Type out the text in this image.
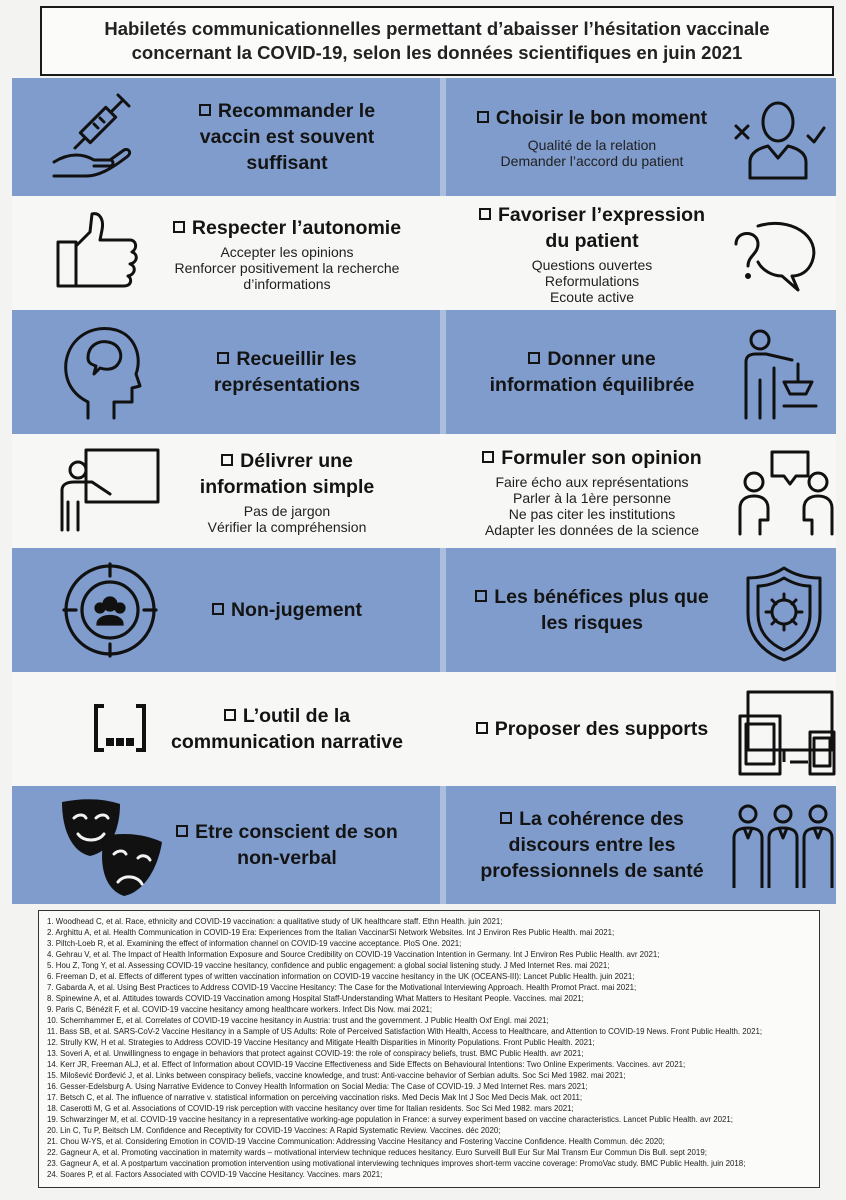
Habiletés communicationnelles permettant d’abaisser l’hésitation vaccinale
concernant la COVID-19, selon les données scientifiques en juin 2021
Recommander le
vaccin est souvent
suffisant
Choisir le bon moment
Qualité de la relation
Demander l’accord du patient
Respecter l’autonomie
Accepter les opinions
Renforcer positivement la recherche
d’informations
Favoriser l’expression
du patient
Questions ouvertes
Reformulations
Ecoute active
Recueillir les
représentations
Donner une
information équilibrée
Délivrer une
information simple
Pas de jargon
Vérifier la compréhension
Formuler son opinion
Faire écho aux représentations
Parler à la 1ère personne
Ne pas citer les institutions
Adapter les données de la science
Non-jugement
Les bénéfices plus que
les risques
L’outil de la
communication narrative
Proposer des supports
Etre conscient de son
non-verbal
La cohérence des
discours entre les
professionnels de santé
1. Woodhead C, et al. Race, ethnicity and COVID-19 vaccination: a qualitative study of UK healthcare staff. Ethn Health. juin 2021;
2. Arghittu A, et al. Health Communication in COVID-19 Era: Experiences from the Italian VaccinarSì Network Websites. Int J Environ Res Public Health. mai 2021;
3. Piltch-Loeb R, et al. Examining the effect of information channel on COVID-19 vaccine acceptance. PloS One. 2021;
4. Gehrau V, et al. The Impact of Health Information Exposure and Source Credibility on COVID-19 Vaccination Intention in Germany. Int J Environ Res Public Health. avr 2021;
5. Hou Z, Tong Y, et al. Assessing COVID-19 vaccine hesitancy, confidence and public engagement: a global social listening study. J Med Internet Res. mai 2021;
6. Freeman D, et al. Effects of different types of written vaccination information on COVID-19 vaccine hesitancy in the UK (OCEANS-III): Lancet Public Health. juin 2021;
7. Gabarda A, et al. Using Best Practices to Address COVID-19 Vaccine Hesitancy: The Case for the Motivational Interviewing Approach. Health Promot Pract. mai 2021;
8. Spinewine A, et al. Attitudes towards COVID-19 Vaccination among Hospital Staff-Understanding What Matters to Hesitant People. Vaccines. mai 2021;
9. Paris C, Bénézit F, et al. COVID-19 vaccine hesitancy among healthcare workers. Infect Dis Now. mai 2021;
10. Schernhammer E, et al. Correlates of COVID-19 vaccine hesitancy in Austria: trust and the government. J Public Health Oxf Engl. mai 2021;
11. Bass SB, et al. SARS-CoV-2 Vaccine Hesitancy in a Sample of US Adults: Role of Perceived Satisfaction With Health, Access to Healthcare, and Attention to COVID-19 News. Front Public Health. 2021;
12. Strully KW, H et al. Strategies to Address COVID-19 Vaccine Hesitancy and Mitigate Health Disparities in Minority Populations. Front Public Health. 2021;
13. Soveri A, et al. Unwillingness to engage in behaviors that protect against COVID-19: the role of conspiracy beliefs, trust. BMC Public Health. avr 2021;
14. Kerr JR, Freeman ALJ, et al. Effect of Information about COVID-19 Vaccine Effectiveness and Side Effects on Behavioural Intentions: Two Online Experiments. Vaccines. avr 2021;
15. Milošević Đorđević J, et al. Links between conspiracy beliefs, vaccine knowledge, and trust: Anti-vaccine behavior of Serbian adults. Soc Sci Med 1982. mai 2021;
16. Gesser-Edelsburg A. Using Narrative Evidence to Convey Health Information on Social Media: The Case of COVID-19. J Med Internet Res. mars 2021;
17. Betsch C, et al. The influence of narrative v. statistical information on perceiving vaccination risks. Med Decis Mak Int J Soc Med Decis Mak. oct 2011;
18. Caserotti M, G et al. Associations of COVID-19 risk perception with vaccine hesitancy over time for Italian residents. Soc Sci Med 1982. mars 2021;
19. Schwarzinger M, et al. COVID-19 vaccine hesitancy in a representative working-age population in France: a survey experiment based on vaccine characteristics. Lancet Public Health. avr 2021;
20. Lin C, Tu P, Beitsch LM. Confidence and Receptivity for COVID-19 Vaccines: A Rapid Systematic Review. Vaccines. déc 2020;
21. Chou W-YS, et al. Considering Emotion in COVID-19 Vaccine Communication: Addressing Vaccine Hesitancy and Fostering Vaccine Confidence. Health Commun. déc 2020;
22. Gagneur A, et al. Promoting vaccination in maternity wards – motivational interview technique reduces hesitancy. Euro Surveill Bull Eur Sur Mal Transm Eur Commun Dis Bull. sept 2019;
23. Gagneur A, et al. A postpartum vaccination promotion intervention using motivational interviewing techniques improves short-term vaccine coverage: PromoVac study. BMC Public Health. juin 2018;
24. Soares P, et al. Factors Associated with COVID-19 Vaccine Hesitancy. Vaccines. mars 2021;
